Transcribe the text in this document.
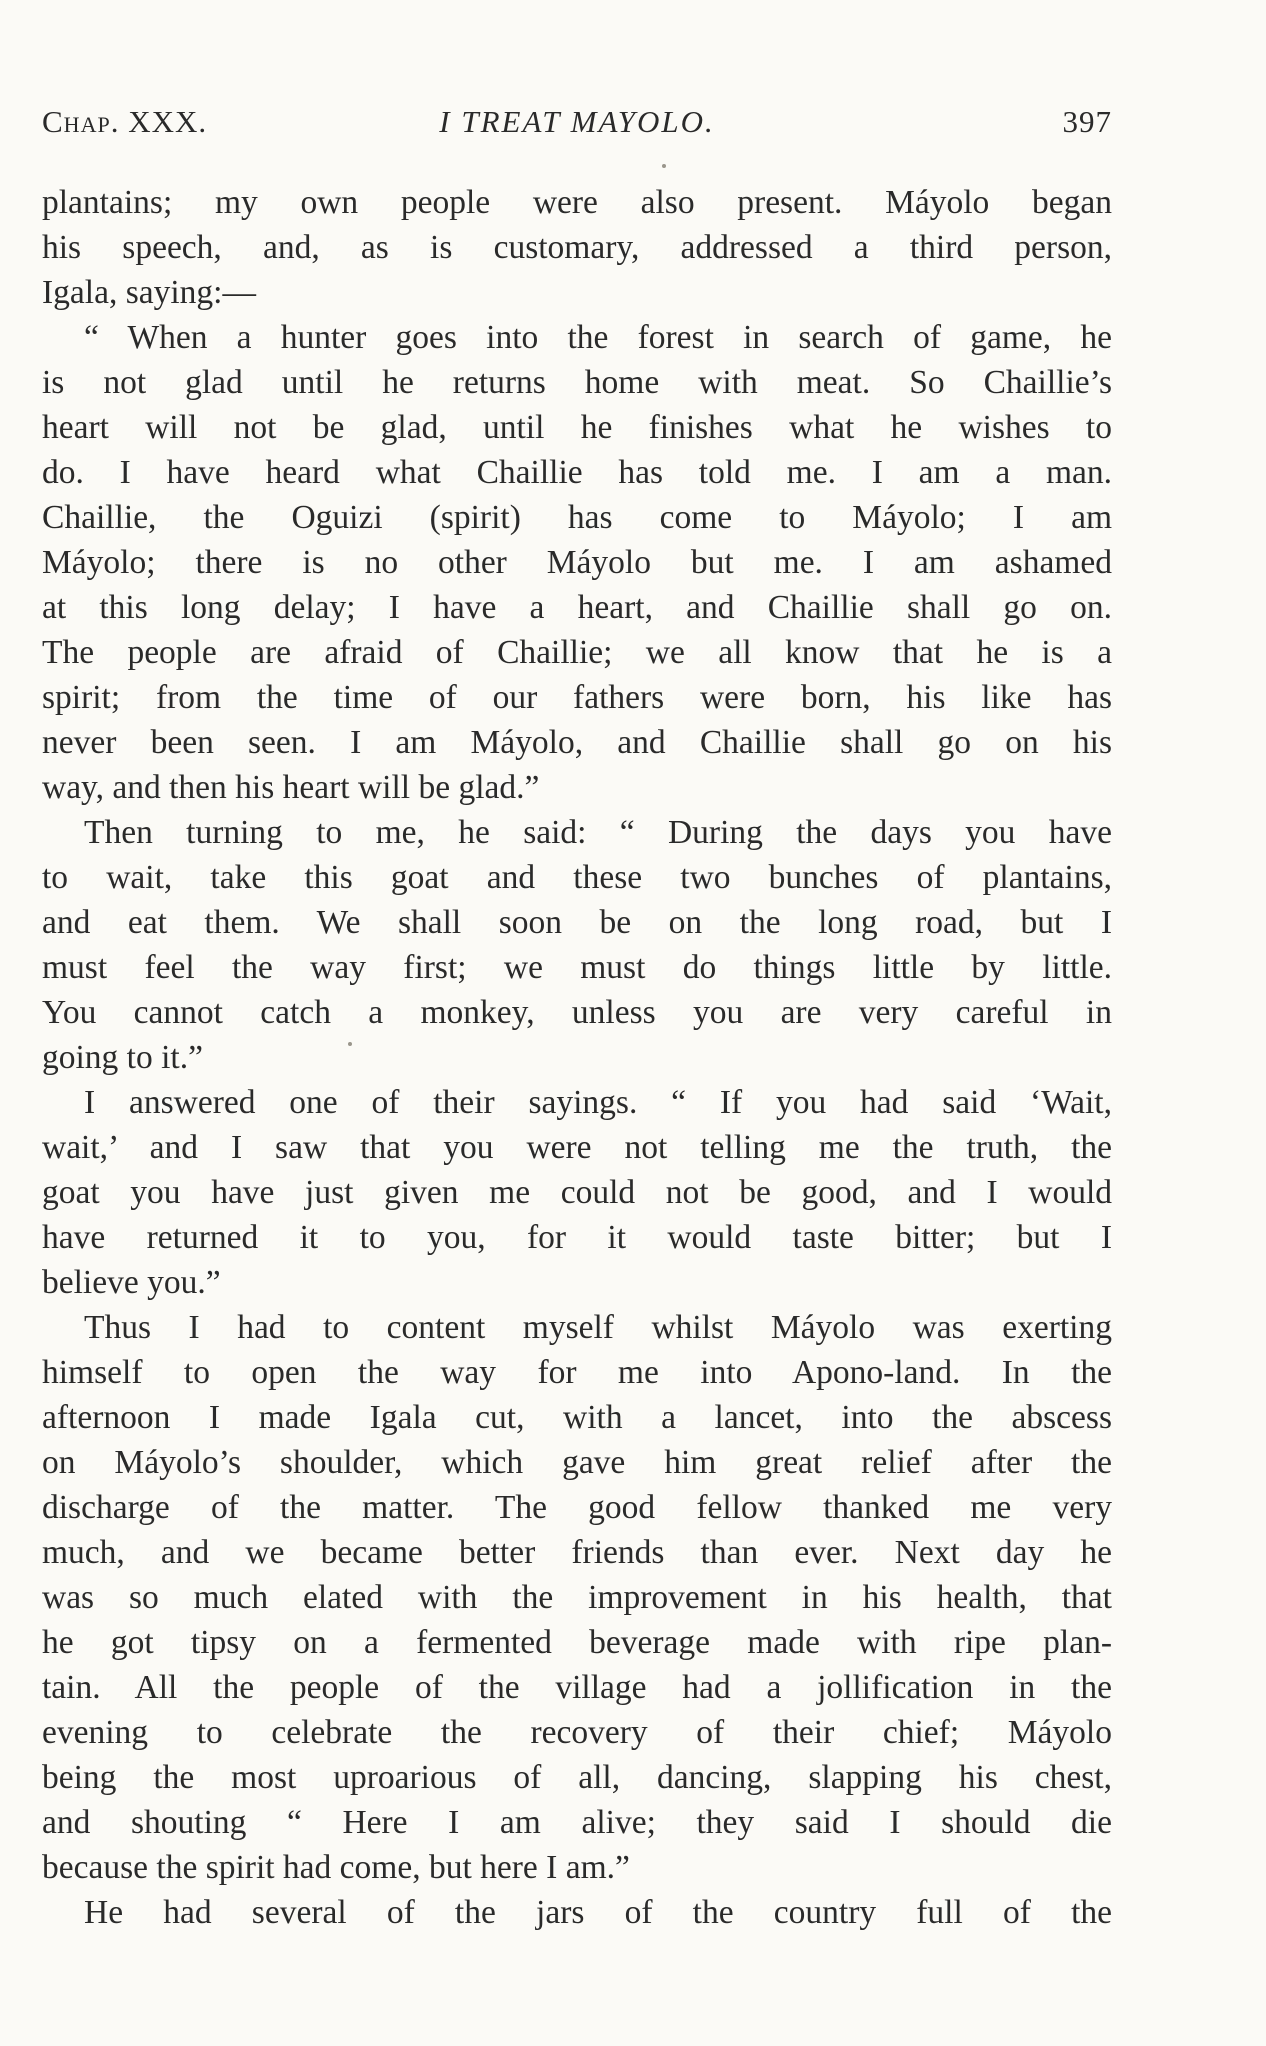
Chap. XXX.	I TREAT MAYOLO.	397
plantains; my own people were also present. Máyolo began
his speech, and, as is customary, addressed a third person,
Igala, saying:—
“ When a hunter goes into the forest in search of game, he
is not glad until he returns home with meat. So Chaillie’s
heart will not be glad, until he finishes what he wishes to
do. I have heard what Chaillie has told me. I am a man.
Chaillie, the Oguizi (spirit) has come to Máyolo; I am
Máyolo; there is no other Máyolo but me. I am ashamed
at this long delay; I have a heart, and Chaillie shall go on.
The people are afraid of Chaillie; we all know that he is a
spirit; from the time of our fathers were born, his like has
never been seen. I am Máyolo, and Chaillie shall go on his
way, and then his heart will be glad.”
Then turning to me, he said: “ During the days you have
to wait, take this goat and these two bunches of plantains,
and eat them. We shall soon be on the long road, but I
must feel the way first; we must do things little by little.
You cannot catch a monkey, unless you are very careful in
going to it.”
I answered one of their sayings. “ If you had said ‘Wait,
wait,’ and I saw that you were not telling me the truth, the
goat you have just given me could not be good, and I would
have returned it to you, for it would taste bitter; but I
believe you.”
Thus I had to content myself whilst Máyolo was exerting
himself to open the way for me into Apono-land. In the
afternoon I made Igala cut, with a lancet, into the abscess
on Máyolo’s shoulder, which gave him great relief after the
discharge of the matter. The good fellow thanked me very
much, and we became better friends than ever. Next day he
was so much elated with the improvement in his health, that
he got tipsy on a fermented beverage made with ripe plan-
tain. All the people of the village had a jollification in the
evening to celebrate the recovery of their chief; Máyolo
being the most uproarious of all, dancing, slapping his chest,
and shouting “ Here I am alive; they said I should die
because the spirit had come, but here I am.”
He had several of the jars of the country full of the
